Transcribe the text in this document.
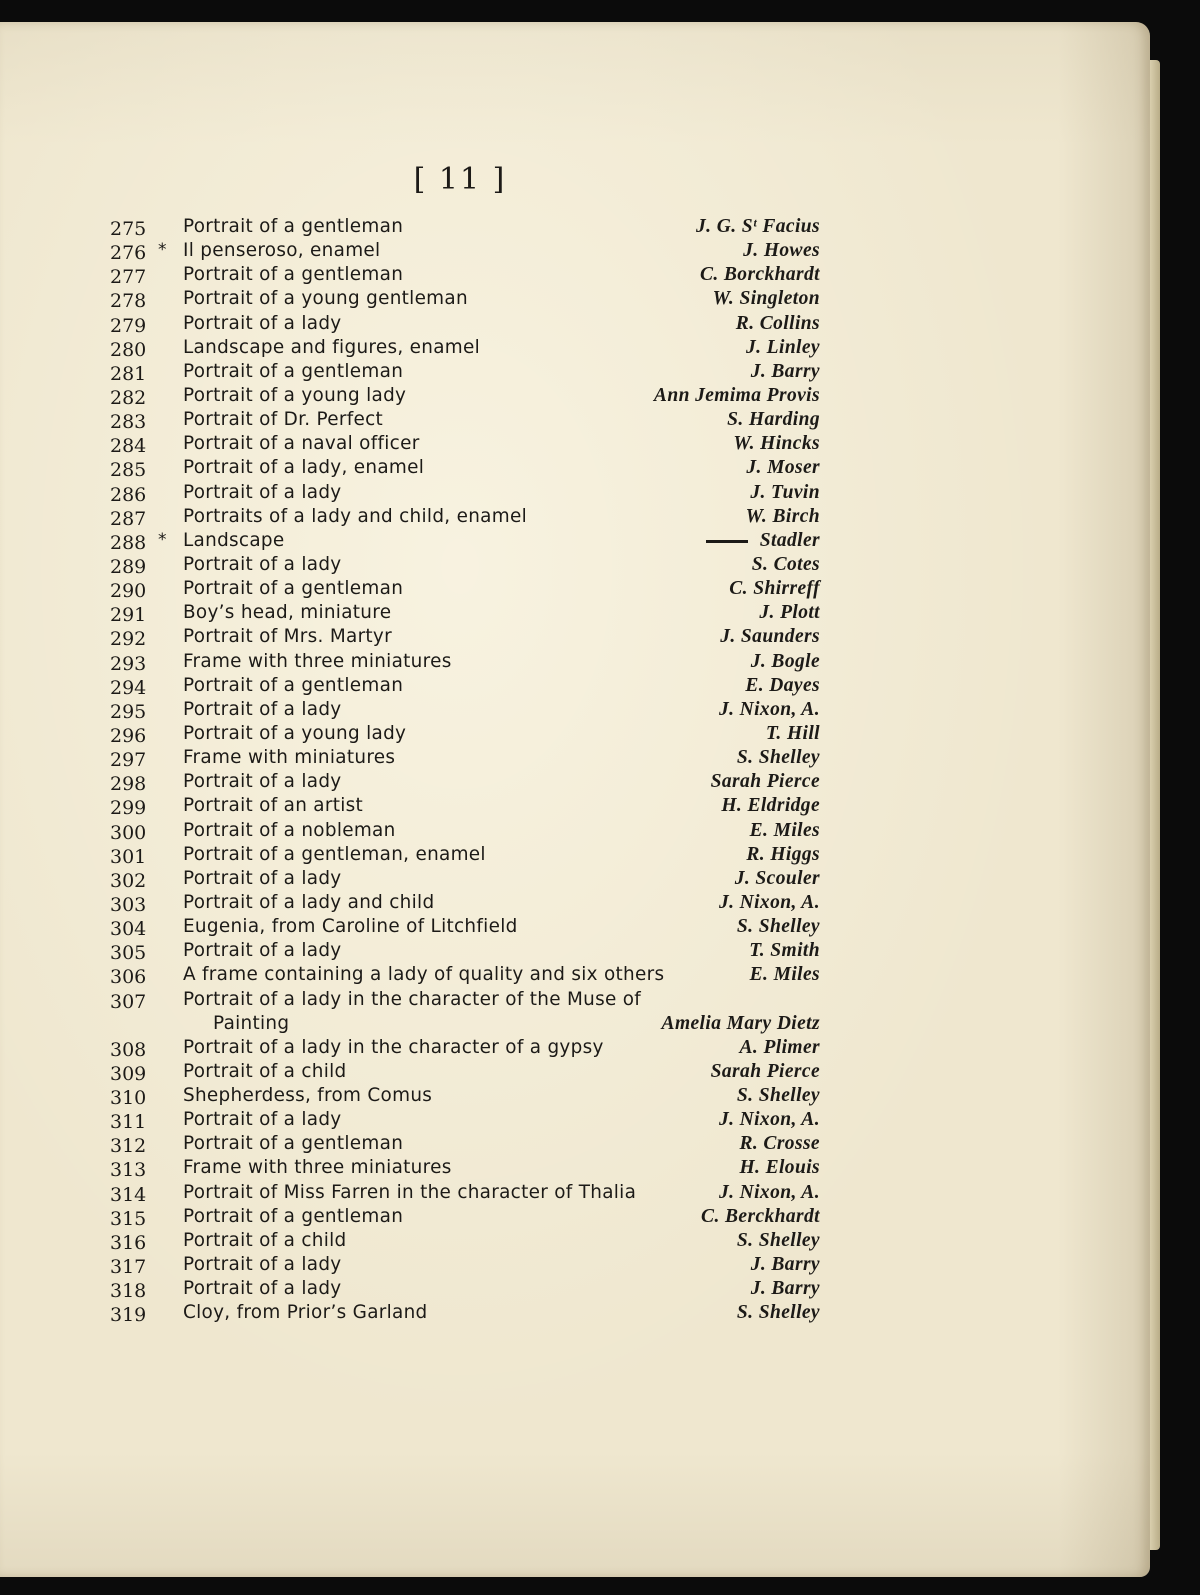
[ 11 ]
275	Portrait of a gentleman	J. G. Sᵗ Facius
276 * Il penseroso, enamel	J. Howes
277	Portrait of a gentleman	C. Borckhardt
278	Portrait of a young gentleman	W. Singleton
279	Portrait of a lady	R. Collins
280	Landscape and figures, enamel	J. Linley
281	Portrait of a gentleman	J. Barry
282	Portrait of a young lady	Ann Jemima Provis
283	Portrait of Dr. Perfect	S. Harding
284	Portrait of a naval officer	W. Hincks
285	Portrait of a lady, enamel	J. Moser
286	Portrait of a lady	J. Tuvin
287	Portraits of a lady and child, enamel	W. Birch
288 * Landscape	Stadler
289	Portrait of a lady	S. Cotes
290	Portrait of a gentleman	C. Shirreff
291	Boy’s head, miniature	J. Plott
292	Portrait of Mrs. Martyr	J. Saunders
293	Frame with three miniatures	J. Bogle
294	Portrait of a gentleman	E. Dayes
295	Portrait of a lady	J. Nixon, A.
296	Portrait of a young lady	T. Hill
297	Frame with miniatures	S. Shelley
298	Portrait of a lady	Sarah Pierce
299	Portrait of an artist	H. Eldridge
300	Portrait of a nobleman	E. Miles
301	Portrait of a gentleman, enamel	R. Higgs
302	Portrait of a lady	J. Scouler
303	Portrait of a lady and child	J. Nixon, A.
304	Eugenia, from Caroline of Litchfield	S. Shelley
305	Portrait of a lady	T. Smith
306	A frame containing a lady of quality and six others	E. Miles
307	Portrait of a lady in the character of the Muse of
Painting	Amelia Mary Dietz
308	Portrait of a lady in the character of a gypsy	A. Plimer
309	Portrait of a child	Sarah Pierce
310	Shepherdess, from Comus	S. Shelley
311	Portrait of a lady	J. Nixon, A.
312	Portrait of a gentleman	R. Crosse
313	Frame with three miniatures	H. Elouis
314	Portrait of Miss Farren in the character of Thalia	J. Nixon, A.
315	Portrait of a gentleman	C. Berckhardt
316	Portrait of a child	S. Shelley
317	Portrait of a lady	J. Barry
318	Portrait of a lady	J. Barry
319	Cloy, from Prior’s Garland	S. Shelley
